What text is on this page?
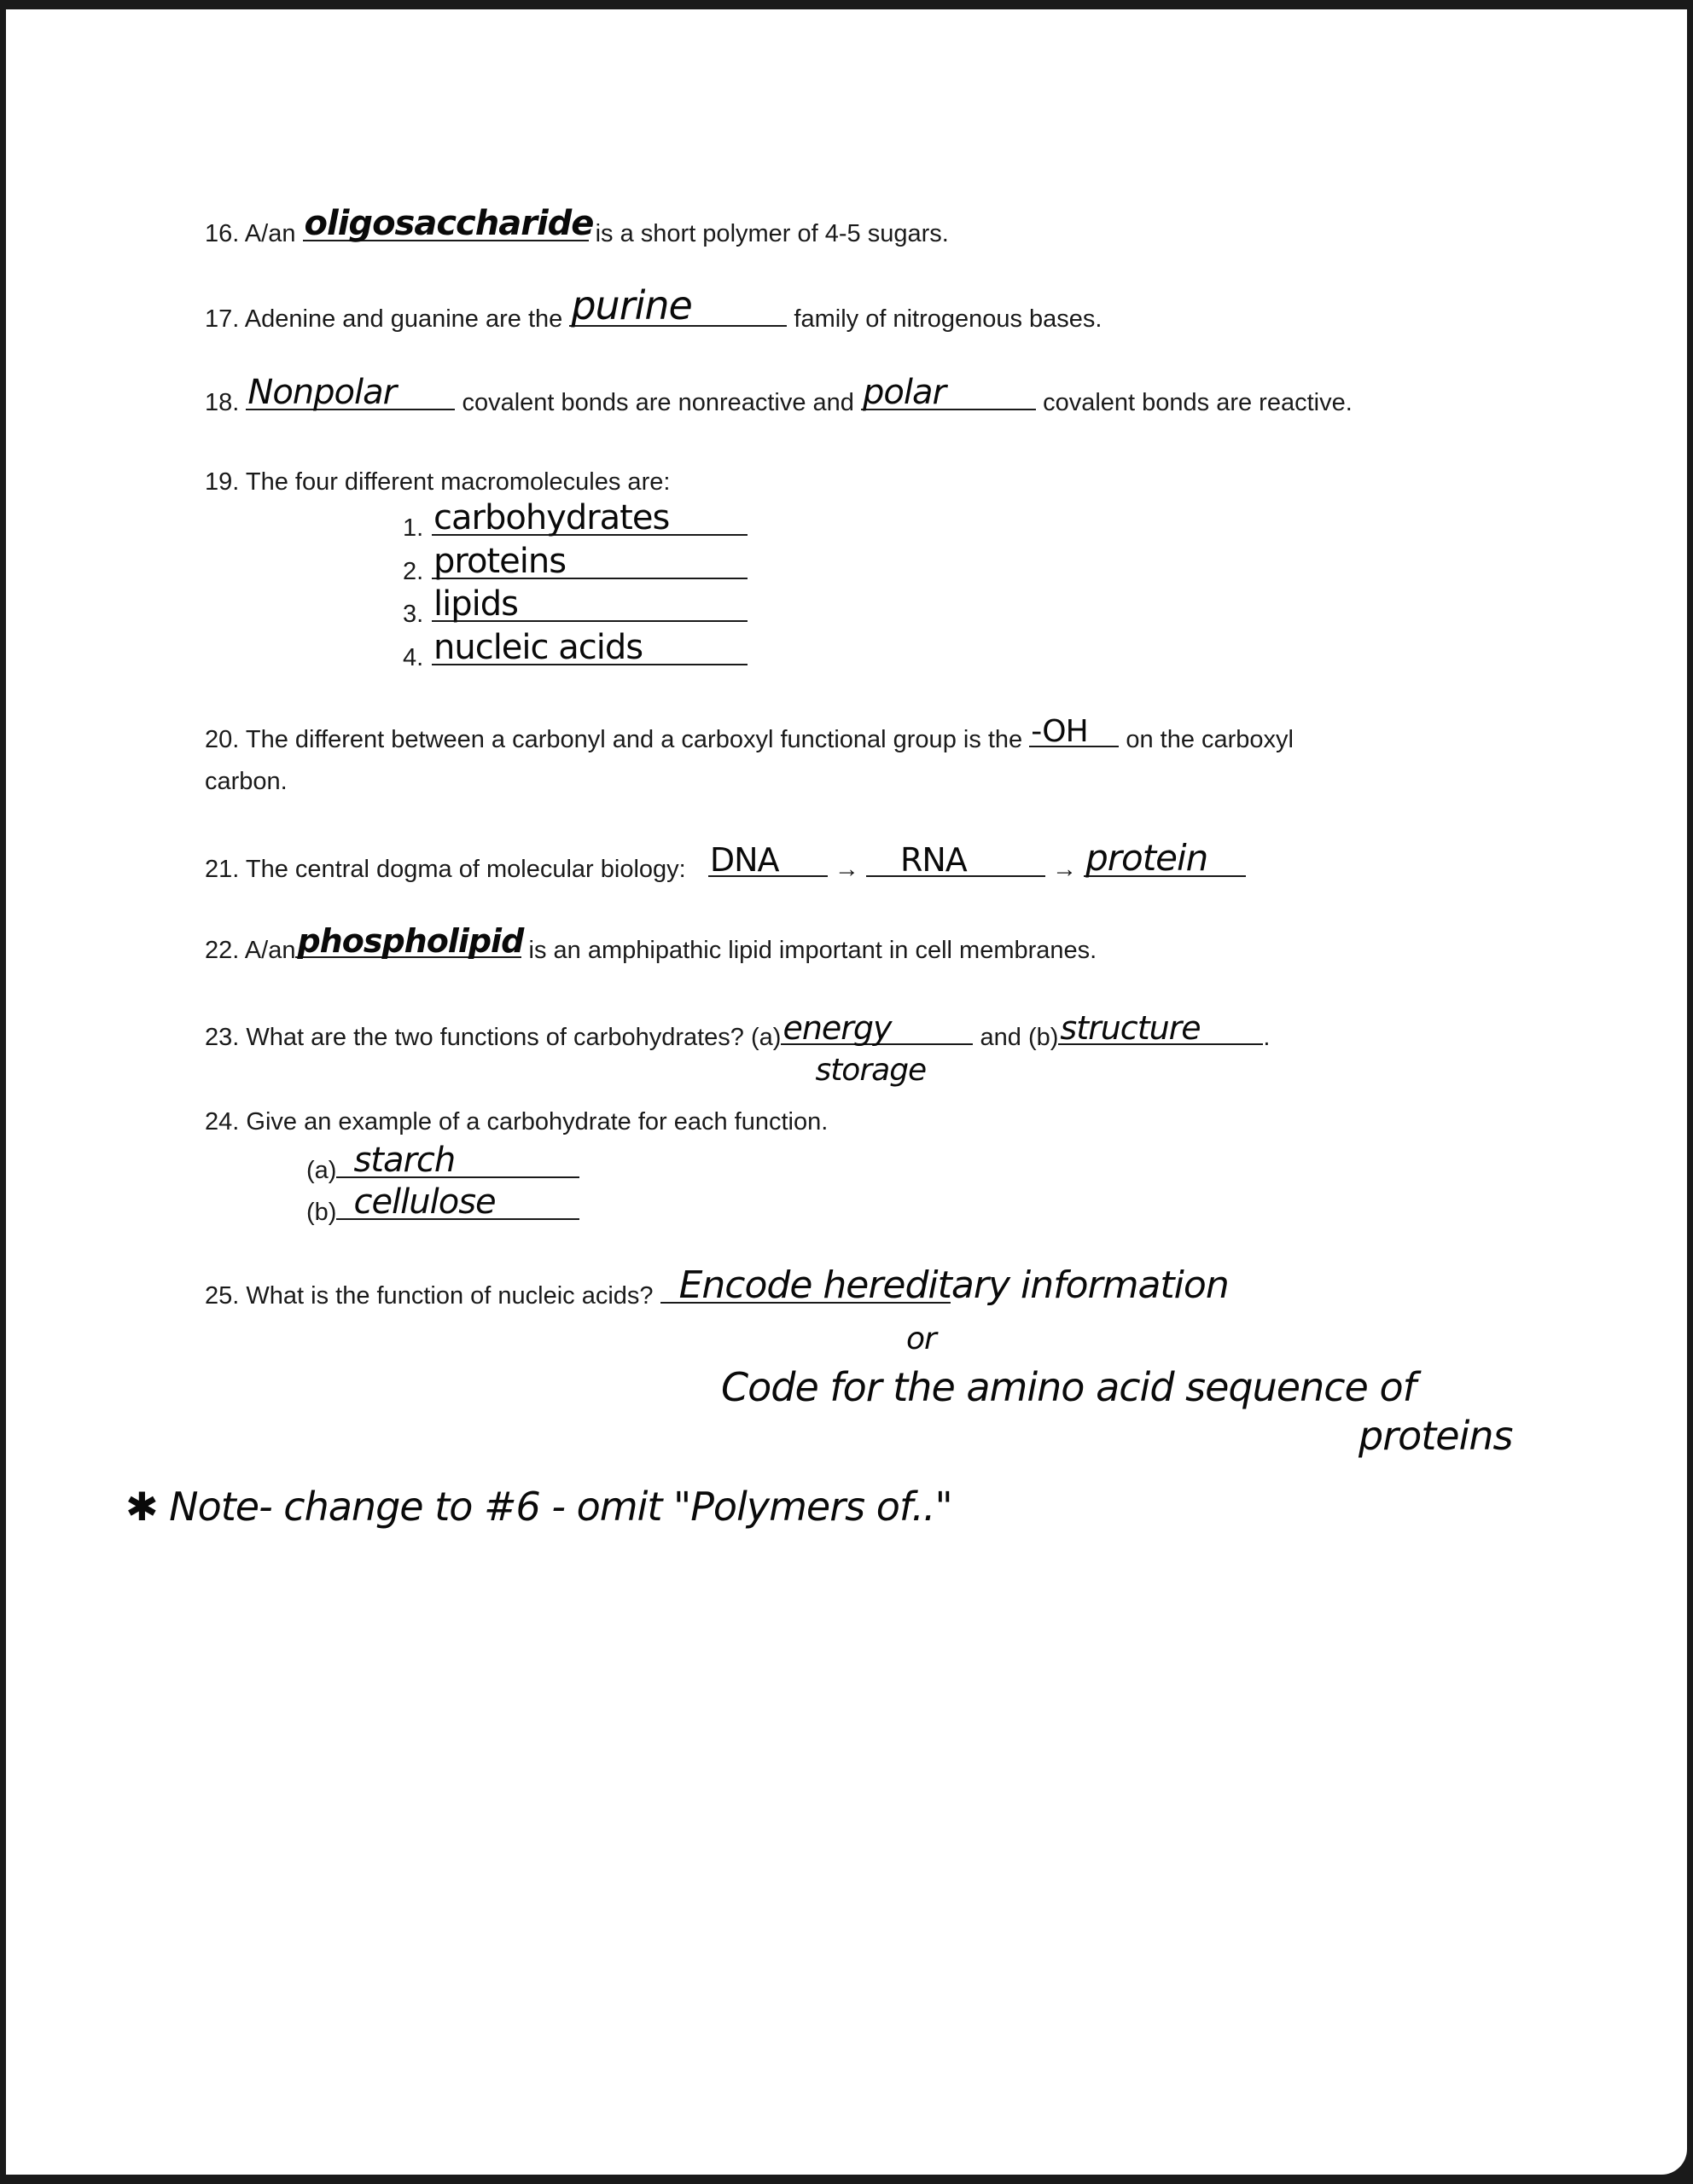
16. A/an oligosaccharide is a short polymer of 4-5 sugars.
17. Adenine and guanine are the purine	family of nitrogenous bases.
18. Nonpolar	covalent bonds are nonreactive and polar	covalent bonds are reactive.
19. The four different macromolecules are:
1. carbohydrates
2. proteins
3. lipids
4. nucleic acids
20. The different between a carbonyl and a carboxyl functional group is the -OH on the carboxyl
carbon.
21. The central dogma of molecular biology: DNA → RNA	→ protein
22. A/an phospholipid is an amphipathic lipid important in cell membranes.
23. What are the two functions of carbohydrates? (a) energy
storage
and (b) structure	.
24. Give an example of a carbohydrate for each function.
(a) starch
(b) cellulose
25. What is the function of nucleic acids? Encode hereditary information
or
Code for the amino acid sequence of
proteins
✱ Note- change to #6 - omit "Polymers of.."
